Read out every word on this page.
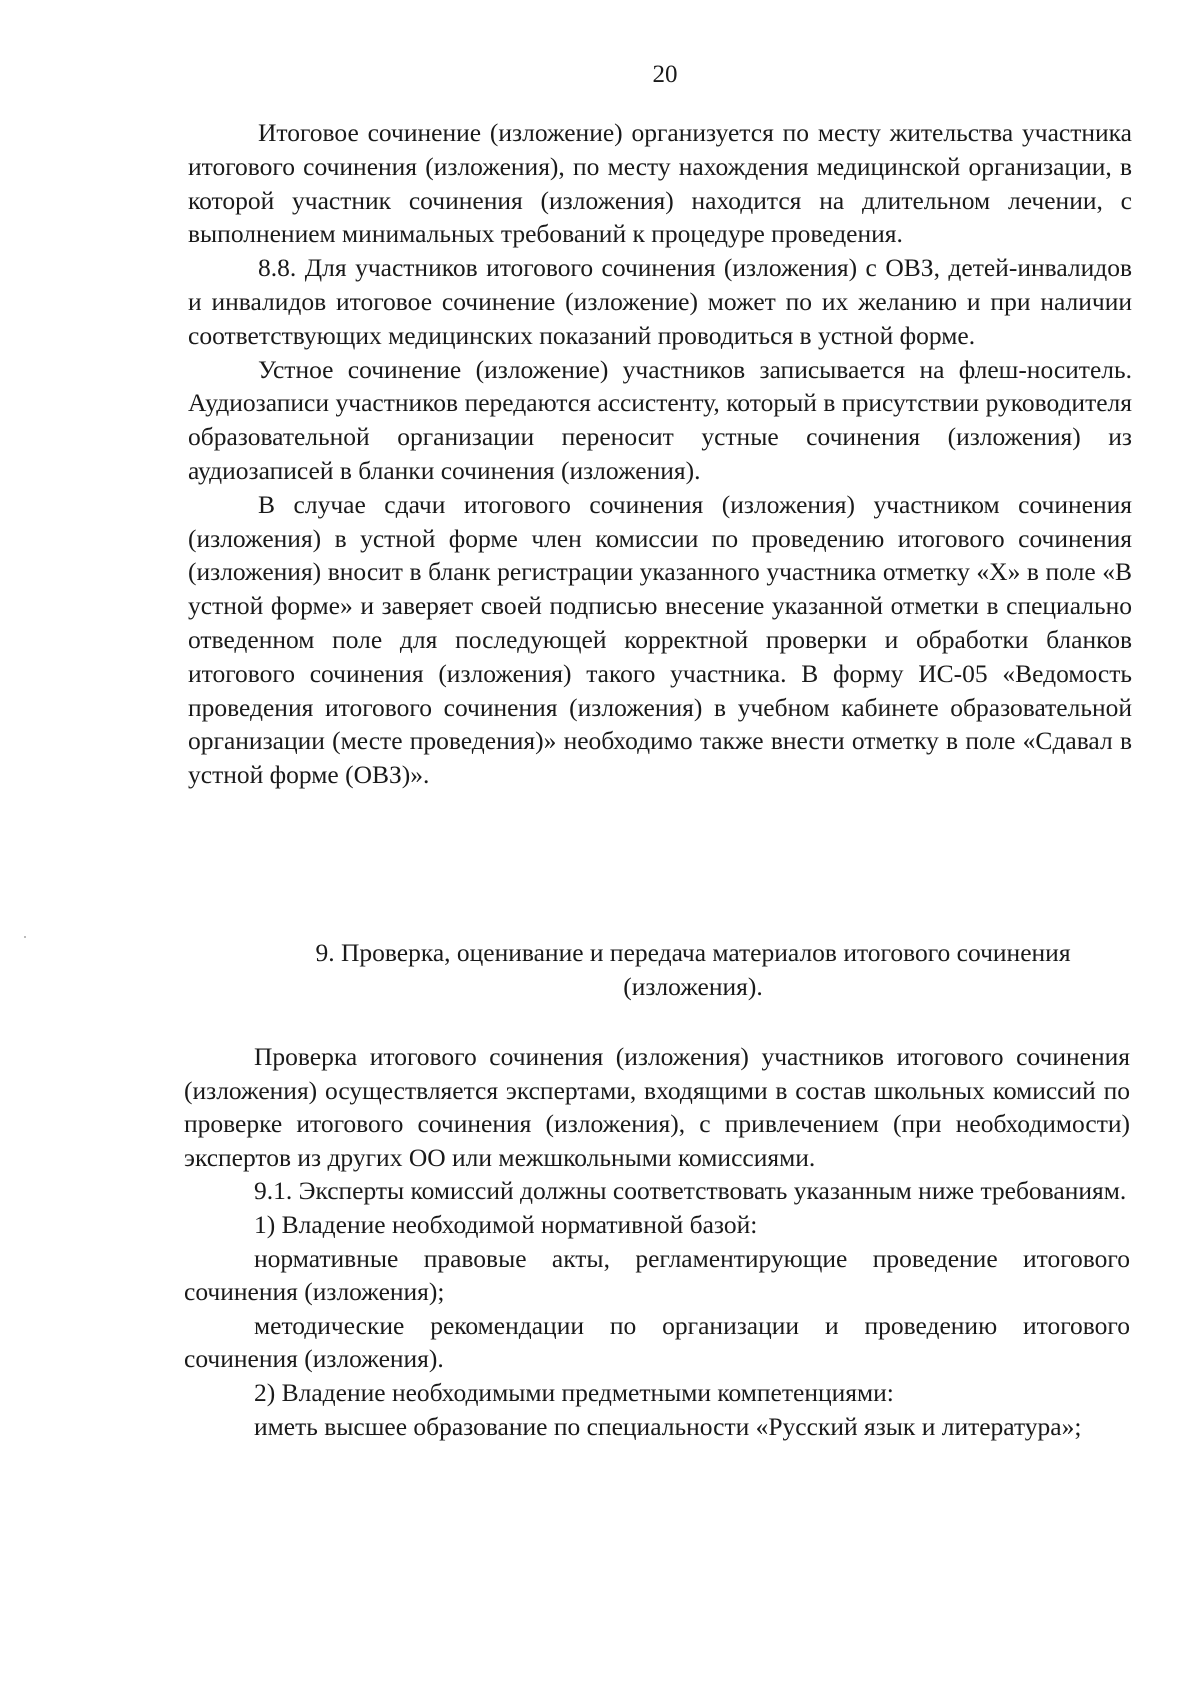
20

Итоговое сочинение (изложение) организуется по месту жительства участника итогового сочинения (изложения), по месту нахождения медицинской организации, в которой участник сочинения (изложения) находится на длительном лечении, с выполнением минимальных требований к процедуре проведения.

8.8. Для участников итогового сочинения (изложения) с ОВЗ, детей-инвалидов и инвалидов итоговое сочинение (изложение) может по их желанию и при наличии соответствующих медицинских показаний проводиться в устной форме.

Устное сочинение (изложение) участников записывается на флеш-носитель. Аудиозаписи участников передаются ассистенту, который в присутствии руководителя образовательной организации переносит устные сочинения (изложения) из аудиозаписей в бланки сочинения (изложения).

В случае сдачи итогового сочинения (изложения) участником сочинения (изложения) в устной форме член комиссии по проведению итогового сочинения (изложения) вносит в бланк регистрации указанного участника отметку «Х» в поле «В устной форме» и заверяет своей подписью внесение указанной отметки в специально отведенном поле для последующей корректной проверки и обработки бланков итогового сочинения (изложения) такого участника. В форму ИС-05 «Ведомость проведения итогового сочинения (изложения) в учебном кабинете образовательной организации (месте проведения)» необходимо также внести отметку в поле «Сдавал в устной форме (ОВЗ)».

9. Проверка, оценивание и передача материалов итогового сочинения

(изложения).

Проверка итогового сочинения (изложения) участников итогового сочинения (изложения) осуществляется экспертами, входящими в состав школьных комиссий по проверке итогового сочинения (изложения), с привлечением (при необходимости) экспертов из других ОО или межшкольными комиссиями.

9.1. Эксперты комиссий должны соответствовать указанным ниже требованиям.

1) Владение необходимой нормативной базой:

нормативные правовые акты, регламентирующие проведение итогового сочинения (изложения);

методические рекомендации по организации и проведению итогового сочинения (изложения).

2) Владение необходимыми предметными компетенциями:

иметь высшее образование по специальности «Русский язык и литература»;
